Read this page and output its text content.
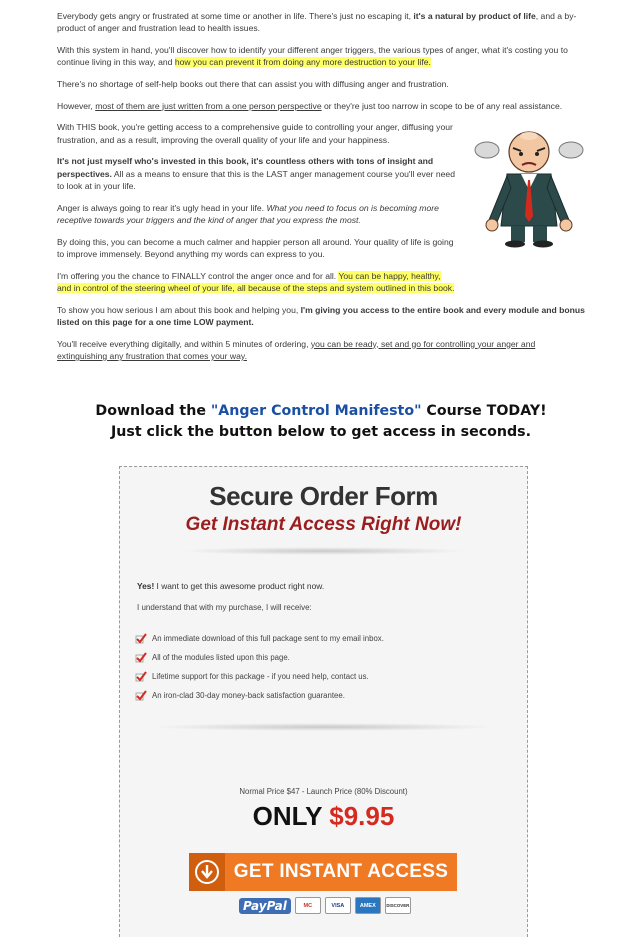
Everybody gets angry or frustrated at some time or another in life. There's just no escaping it, it's a natural by product of life, and a by-product of anger and frustration lead to health issues.

With this system in hand, you'll discover how to identify your different anger triggers, the various types of anger, what it's costing you to continue living in this way, and how you can prevent it from doing any more destruction to your life.

There's no shortage of self-help books out there that can assist you with diffusing anger and frustration.

However, most of them are just written from a one person perspective or they're just too narrow in scope to be of any real assistance.

With THIS book, you're getting access to a comprehensive guide to controlling your anger, diffusing your frustration, and as a result, improving the overall quality of your life and your happiness.

It's not just myself who's invested in this book, it's countless others with tons of insight and perspectives. All as a means to ensure that this is the LAST anger management course you'll ever need to look at in your life.

Anger is always going to rear it's ugly head in your life. What you need to focus on is becoming more receptive towards your triggers and the kind of anger that you express the most.

By doing this, you can become a much calmer and happier person all around. Your quality of life is going to improve immensely. Beyond anything my words can express to you.

I'm offering you the chance to FINALLY control the anger once and for all. You can be happy, healthy, and in control of the steering wheel of your life, all because of the steps and system outlined in this book.

To show you how serious I am about this book and helping you, I'm giving you access to the entire book and every module and bonus listed on this page for a one time LOW payment.

You'll receive everything digitally, and within 5 minutes of ordering, you can be ready, set and go for controlling your anger and extinguishing any frustration that comes your way.

Download the "Anger Control Manifesto" Course TODAY!
Just click the button below to get access in seconds.
Secure Order Form
Get Instant Access Right Now!
Yes! I want to get this awesome product right now.
I understand that with my purchase, I will receive:
An immediate download of this full package sent to my email inbox.
All of the modules listed upon this page.
Lifetime support for this package - if you need help, contact us.
An iron-clad 30-day money-back satisfaction guarantee.
Normal Price $47 - Launch Price (80% Discount)
ONLY $9.95
GET INSTANT ACCESS
PayPal	MC	VISA	AMEX	DISCOVER
